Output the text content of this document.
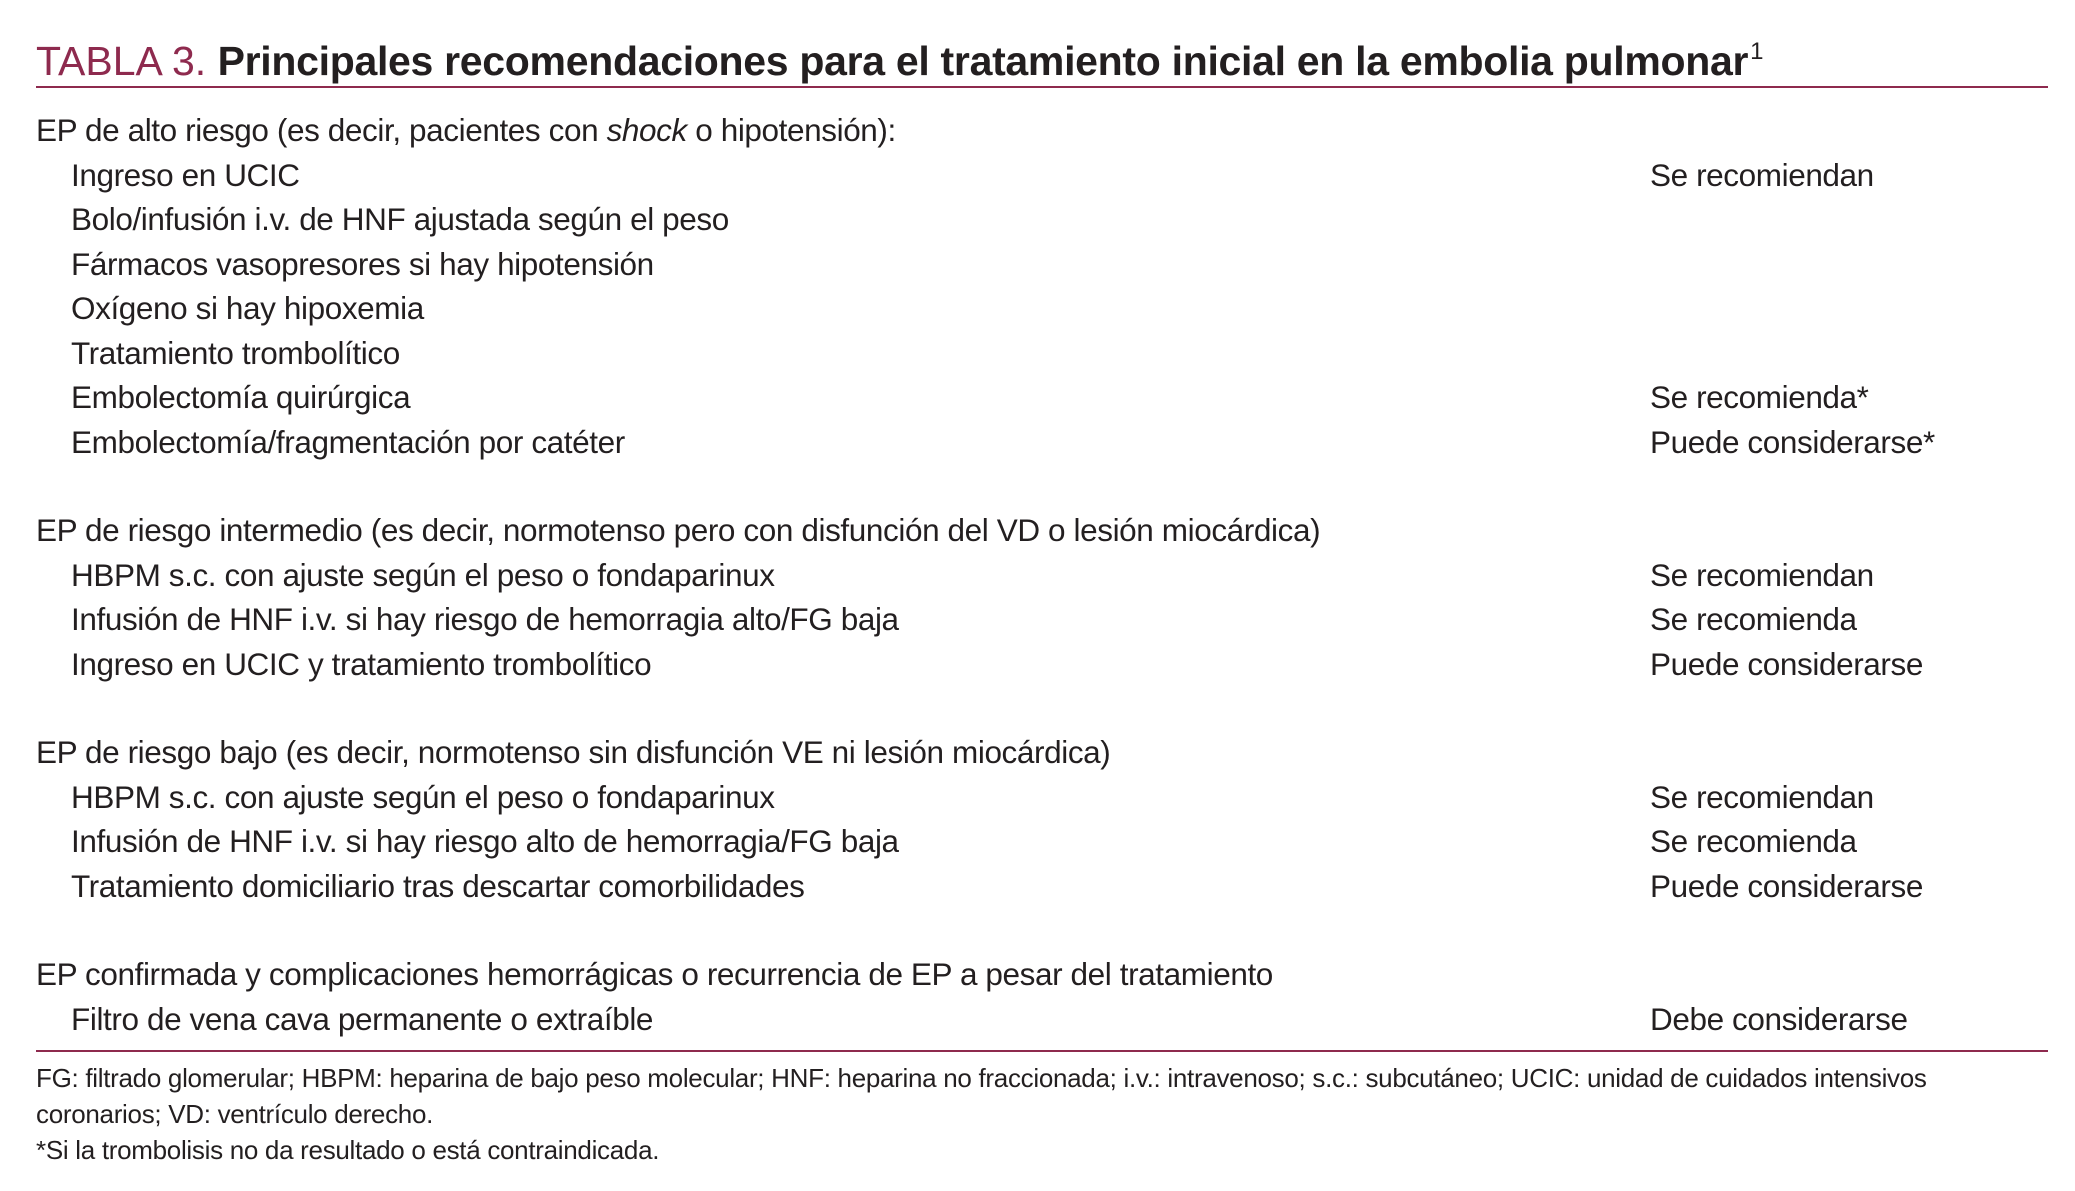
TABLA 3. Principales recomendaciones para el tratamiento inicial en la embolia pulmonar$^1$
EP de alto riesgo (es decir, pacientes con shock o hipotensión):
Ingreso en UCIC	Se recomiendan
Bolo/infusión i.v. de HNF ajustada según el peso
Fármacos vasopresores si hay hipotensión
Oxígeno si hay hipoxemia
Tratamiento trombolítico
Embolectomía quirúrgica	Se recomienda*
Embolectomía/fragmentación por catéter	Puede considerarse*
EP de riesgo intermedio (es decir, normotenso pero con disfunción del VD o lesión miocárdica)
HBPM s.c. con ajuste según el peso o fondaparinux	Se recomiendan
Infusión de HNF i.v. si hay riesgo de hemorragia alto/FG baja	Se recomienda
Ingreso en UCIC y tratamiento trombolítico	Puede considerarse
EP de riesgo bajo (es decir, normotenso sin disfunción VE ni lesión miocárdica)
HBPM s.c. con ajuste según el peso o fondaparinux	Se recomiendan
Infusión de HNF i.v. si hay riesgo alto de hemorragia/FG baja	Se recomienda
Tratamiento domiciliario tras descartar comorbilidades	Puede considerarse
EP confirmada y complicaciones hemorrágicas o recurrencia de EP a pesar del tratamiento
Filtro de vena cava permanente o extraíble	Debe considerarse

FG: filtrado glomerular; HBPM: heparina de bajo peso molecular; HNF: heparina no fraccionada; i.v.: intravenoso; s.c.: subcutáneo; UCIC: unidad de cuidados intensivos coronarios; VD: ventrículo derecho.

*Si la trombolisis no da resultado o está contraindicada.
